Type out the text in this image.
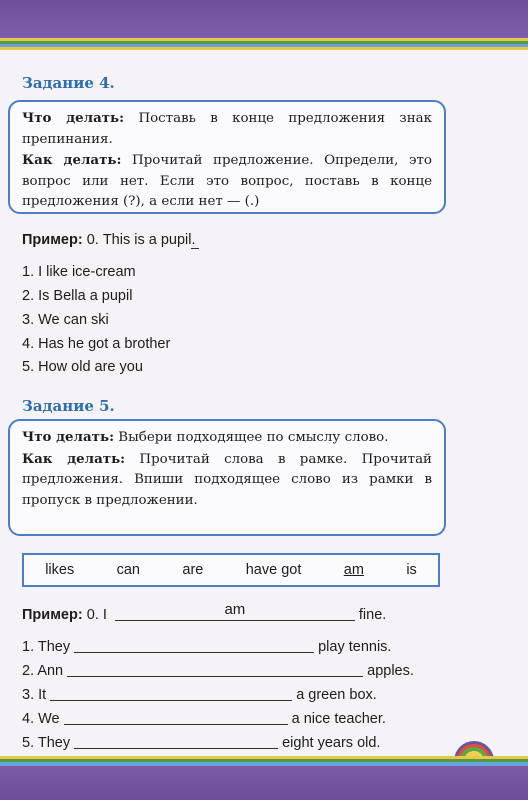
Задание 4.
Что делать: Поставь в конце предложения знак препинания.
Как делать: Прочитай предложение. Определи, это вопрос или нет. Если это вопрос, поставь в конце предложения (?), а если нет — (.)
Пример: 0. This is a pupil.
1. I like ice-cream
2. Is Bella a pupil
3. We can ski
4. Has he got a brother
5. How old are you
Задание 5.
Что делать: Выбери подходящее по смыслу слово.
Как делать: Прочитай слова в рамке. Прочитай предложения. Впиши подходящее слово из рамки в пропуск в предложении.
likes	can	are	have got	am	is
Пример: 0. I	am	fine.
1. They	play tennis.
2. Ann	apples.
3. It	a green box.
4. We	a nice teacher.
5. They	eight years old.
